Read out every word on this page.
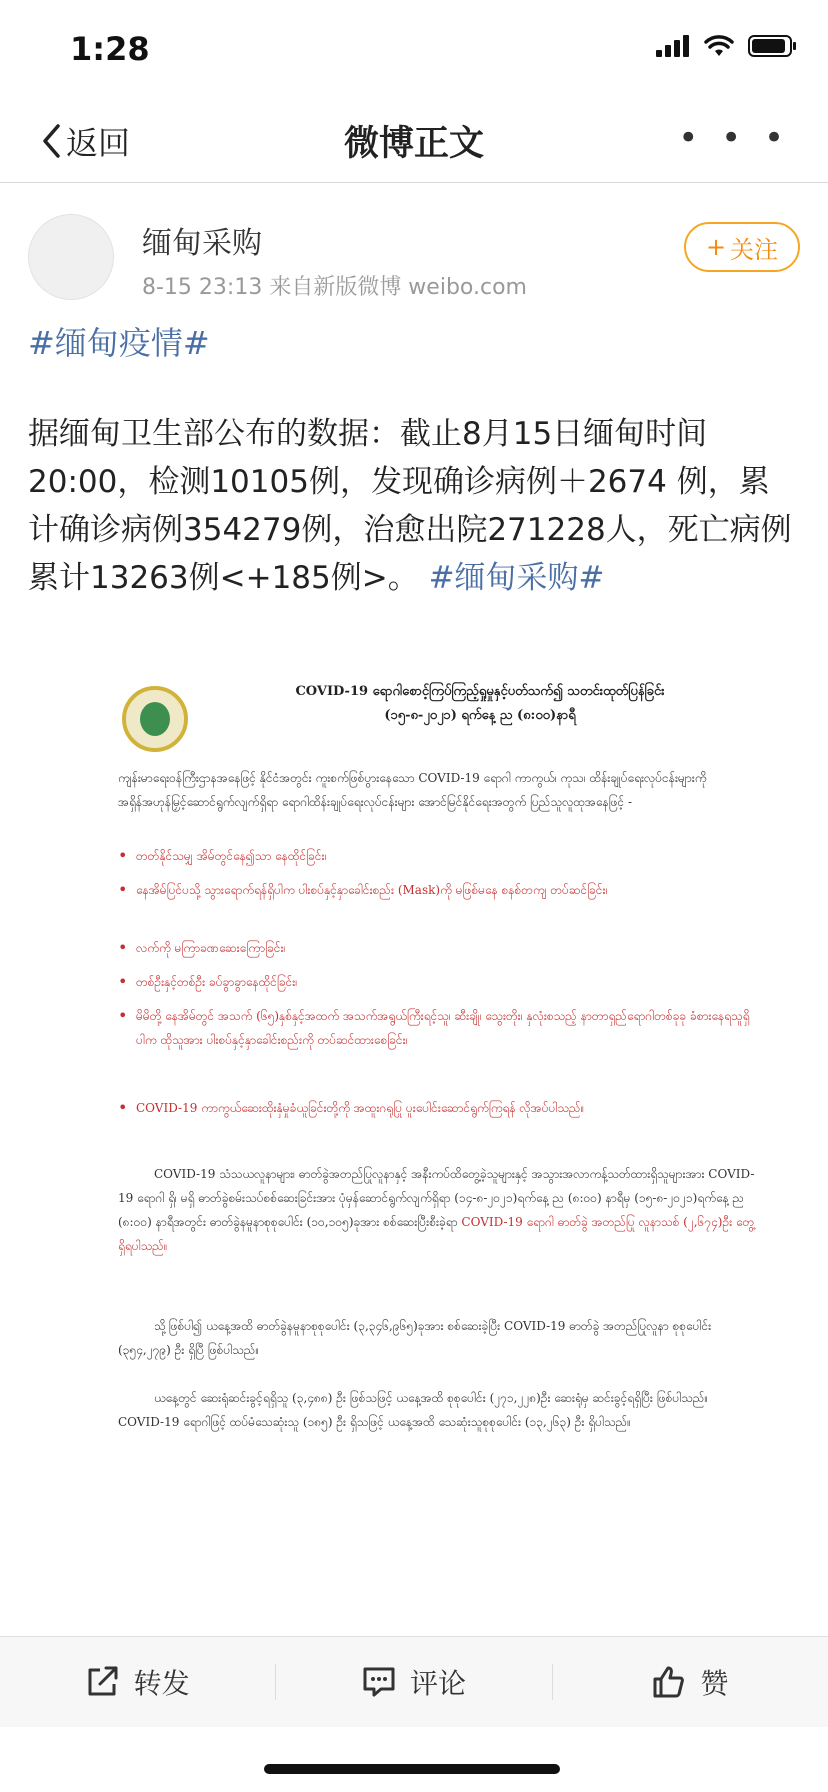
1:28
返回	微博正文	• • •
缅甸采购
8-15 23:13 来自新版微博 weibo.com
+ 关注
#缅甸疫情#
据缅甸卫生部公布的数据：截止8月15日缅甸时间20:00，检测10105例，发现确诊病例＋2674 例，累计确诊病例354279例，治愈出院271228人，死亡病例累计13263例<+185例>。 #缅甸采购#
COVID-19 ရောဂါစောင့်ကြပ်ကြည့်ရှုမှုနှင့်ပတ်သက်၍ သတင်းထုတ်ပြန်ခြင်း
(၁၅-၈-၂၀၂၁) ရက်နေ့ ည (၈:၀၀)နာရီ
ကျန်းမာရေးဝန်ကြီးဌာနအနေဖြင့် နိုင်ငံအတွင်း ကူးစက်ဖြစ်ပွားနေသော COVID-19 ရောဂါ ကာကွယ်၊ ကုသ၊ ထိန်းချုပ်ရေးလုပ်ငန်းများကို အရှိန်အဟုန်မြှင့်ဆောင်ရွက်လျက်ရှိရာ ရောဂါထိန်းချုပ်ရေးလုပ်ငန်းများ အောင်မြင်နိုင်ရေးအတွက် ပြည်သူလူထုအနေဖြင့် -
• တတ်နိုင်သမျှ အိမ်တွင်နေ၍သာ နေထိုင်ခြင်း၊
• နေအိမ်ပြင်ပသို့ သွားရောက်ရန်ရှိပါက ပါးစပ်နှင့်နှာခေါင်းစည်း (Mask)ကို မဖြစ်မနေ စနစ်တကျ တပ်ဆင်ခြင်း၊
• လက်ကို မကြာခဏဆေးကြောခြင်း၊
• တစ်ဦးနှင့်တစ်ဦး ခပ်ခွာခွာနေထိုင်ခြင်း၊
• မိမိတို့ နေအိမ်တွင် အသက် (၆၅)နှစ်နှင့်အထက် အသက်အရွယ်ကြီးရင့်သူ၊ ဆီးချို၊ သွေးတိုး၊ နှလုံးစသည့် နာတာရှည်ရောဂါတစ်ခုခု ခံစားနေရသူရှိပါက ထိုသူအား ပါးစပ်နှင့်နှာခေါင်းစည်းကို တပ်ဆင်ထားစေခြင်း၊
• COVID-19 ကာကွယ်ဆေးထိုးနှံမှုခံယူခြင်းတို့ကို အထူးဂရုပြု ပူးပေါင်းဆောင်ရွက်ကြရန် လိုအပ်ပါသည်။
COVID-19 သံသယလူနာများ၊ ဓာတ်ခွဲအတည်ပြုလူနာနှင့် အနီးကပ်ထိတွေ့ခဲ့သူများနှင့် အသွားအလာကန့်သတ်ထားရှိသူများအား COVID-19 ရောဂါ ရှိ၊ မရှိ ဓာတ်ခွဲစမ်းသပ်စစ်ဆေးခြင်းအား ပုံမှန်ဆောင်ရွက်လျက်ရှိရာ (၁၄-၈-၂၀၂၁)ရက်နေ့ ည (၈:၀၀) နာရီမှ (၁၅-၈-၂၀၂၁)ရက်နေ့ ည (၈:၀၀) နာရီအတွင်း ဓာတ်ခွဲနမူနာစုစုပေါင်း (၁၀,၁၀၅)ခုအား စစ်ဆေးပြီးစီးခဲ့ရာ COVID-19 ရောဂါ ဓာတ်ခွဲ အတည်ပြု လူနာသစ် (၂,၆၇၄)ဦး တွေ့ရှိရပါသည်။
သို့ဖြစ်ပါ၍ ယနေ့အထိ ဓာတ်ခွဲနမူနာစုစုပေါင်း (၃,၃၄၆,၉၆၅)ခုအား စစ်ဆေးခဲ့ပြီး COVID-19 ဓာတ်ခွဲ အတည်ပြုလူနာ စုစုပေါင်း (၃၅၄,၂၇၉) ဦး ရှိပြီ ဖြစ်ပါသည်။
ယနေ့တွင် ဆေးရုံဆင်းခွင့်ရရှိသူ (၃,၄၈၈) ဦး ဖြစ်သဖြင့် ယနေ့အထိ စုစုပေါင်း (၂၇၁,၂၂၈)ဦး ဆေးရုံမှ ဆင်းခွင့်ရရှိပြီး ဖြစ်ပါသည်။ COVID-19 ရောဂါဖြင့် ထပ်မံသေဆုံးသူ (၁၈၅) ဦး ရှိသဖြင့် ယနေ့အထိ သေဆုံးသူစုစုပေါင်း (၁၃,၂၆၃) ဦး ရှိပါသည်။
转发	评论	赞
